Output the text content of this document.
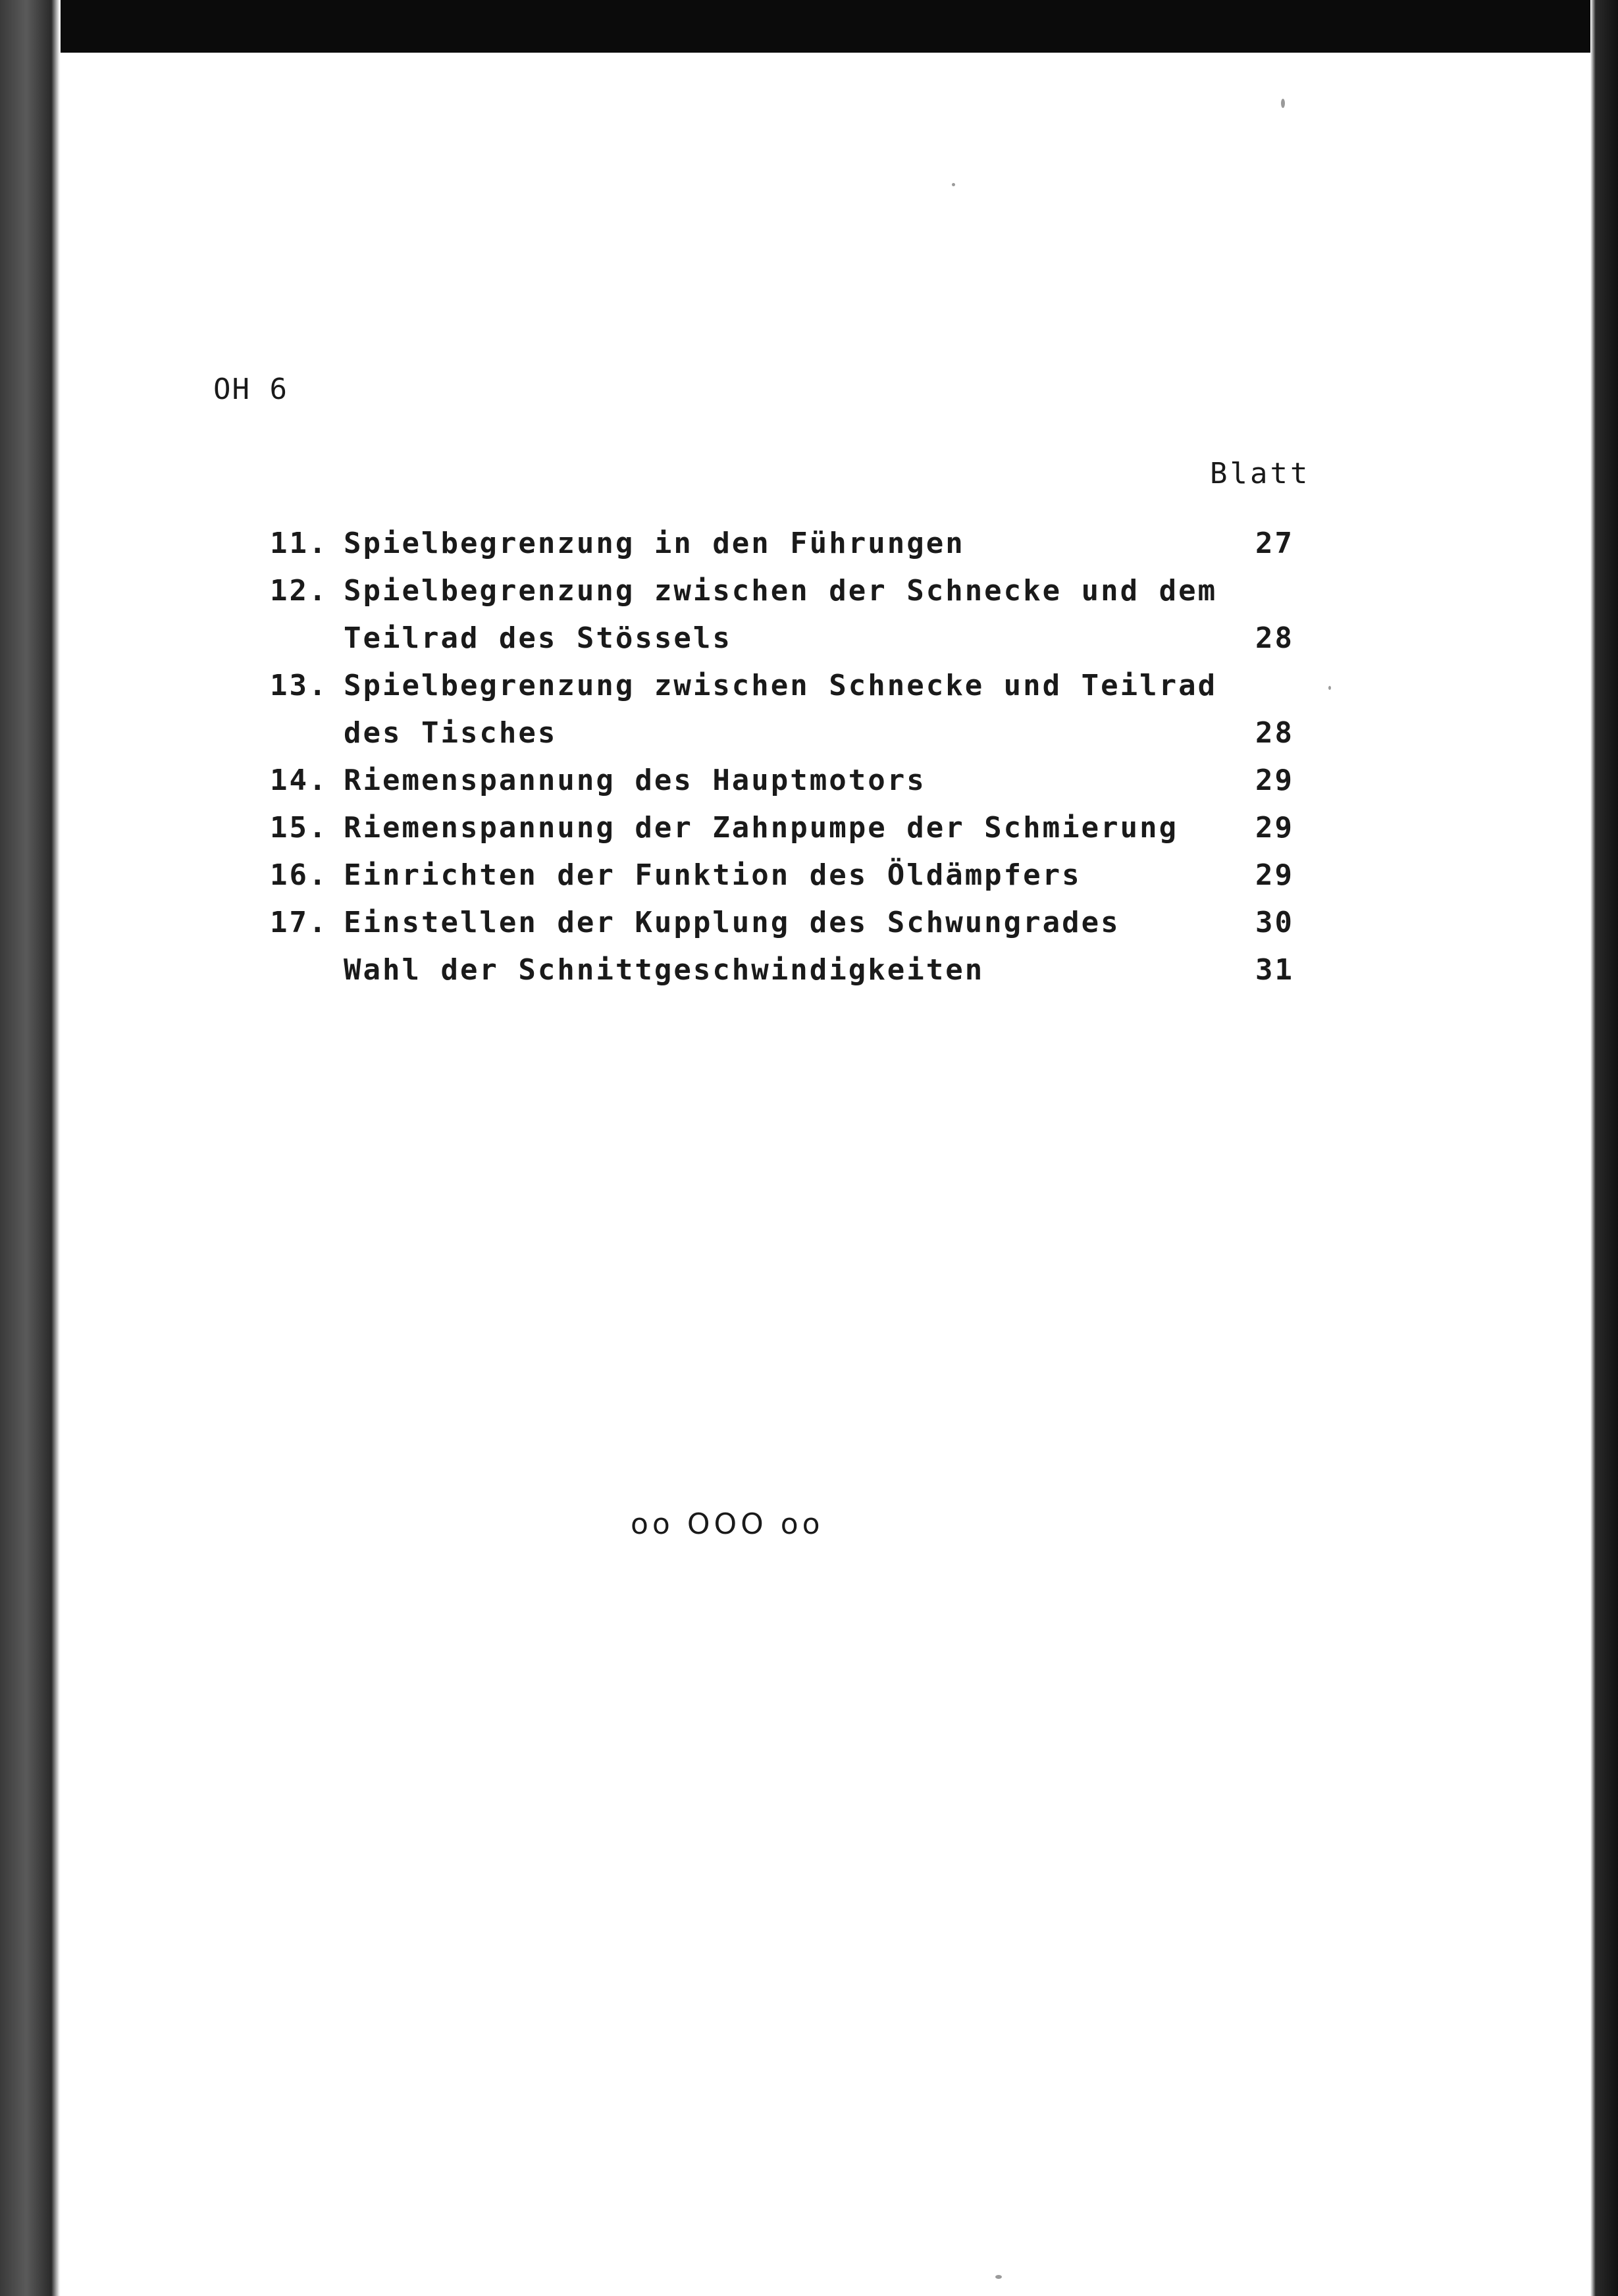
OH 6
Blatt
11. Spielbegrenzung in den Führungen	27
12. Spielbegrenzung zwischen der Schnecke und dem
Teilrad des Stössels	28
13. Spielbegrenzung zwischen Schnecke und Teilrad
des Tisches	28
14. Riemenspannung des Hauptmotors	29
15. Riemenspannung der Zahnpumpe der Schmierung	29
16. Einrichten der Funktion des Öldämpfers	29
17. Einstellen der Kupplung des Schwungrades	30
Wahl der Schnittgeschwindigkeiten	31
oo OOO oo
